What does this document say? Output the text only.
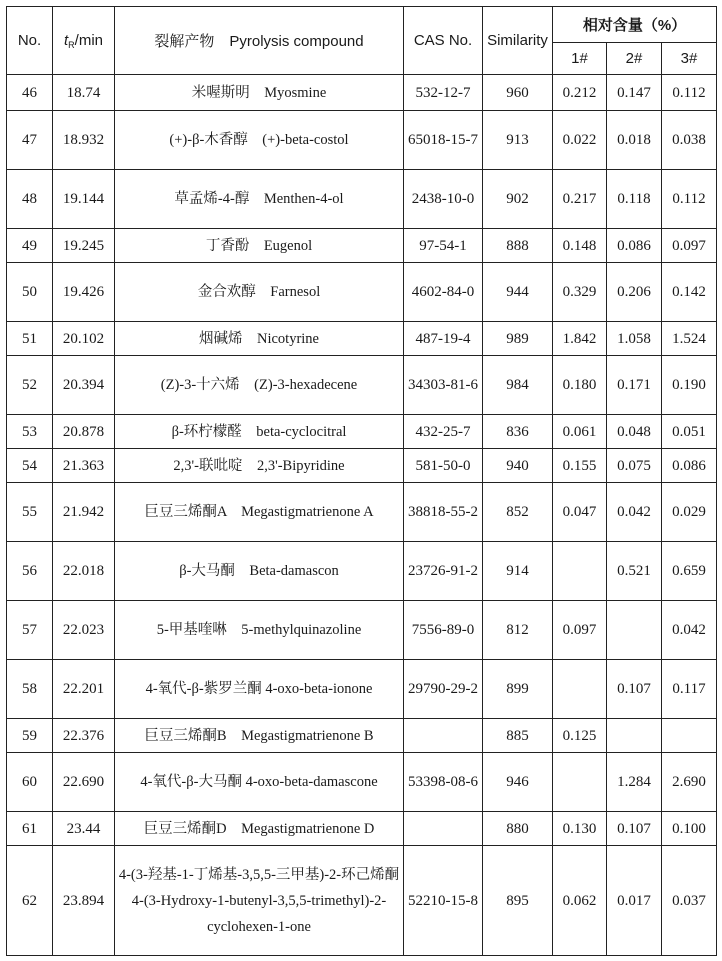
No.	$t_R/\min$	裂解产物　Pyrolysis compound	CAS No.	Similarity	相对含量（%）		
					1#	2#	3#
46	18.74	米喔斯明　Myosmine	532-12-7	960	0.212	0.147	0.112
47	18.932	(+)-β-木香醇　(+)-beta-costol	65018-15-7	913	0.022	0.018	0.038
48	19.144	草孟烯-4-醇　Menthen-4-ol	2438-10-0	902	0.217	0.118	0.112
49	19.245	丁香酚　Eugenol	97-54-1	888	0.148	0.086	0.097
50	19.426	金合欢醇　Farnesol	4602-84-0	944	0.329	0.206	0.142
51	20.102	烟碱烯　Nicotyrine	487-19-4	989	1.842	1.058	1.524
52	20.394	(Z)-3-十六烯　(Z)-3-hexadecene	34303-81-6	984	0.180	0.171	0.190
53	20.878	β-环柠檬醛　beta-cyclocitral	432-25-7	836	0.061	0.048	0.051
54	21.363	2,3'-联吡啶　2,3'-Bipyridine	581-50-0	940	0.155	0.075	0.086
55	21.942	巨豆三烯酮A　Megastigmatrienone A	38818-55-2	852	0.047	0.042	0.029
56	22.018	β-大马酮　Beta-damascon	23726-91-2	914		0.521	0.659
57	22.023	5-甲基喹啉　5-methylquinazoline	7556-89-0	812	0.097		0.042
58	22.201	4-氧代-β-紫罗兰酮 4-oxo-beta-ionone	29790-29-2	899		0.107	0.117
59	22.376	巨豆三烯酮B　Megastigmatrienone B		885	0.125		
60	22.690	4-氧代-β-大马酮 4-oxo-beta-damascone	53398-08-6	946		1.284	2.690
61	23.44	巨豆三烯酮D　Megastigmatrienone D		880	0.130	0.107	0.100
62	23.894	4-(3-羟基-1-丁烯基-3,5,5-三甲基)-2-环己烯酮　4-(3-Hydroxy-1-butenyl-3,5,5-trimethyl)-2-cyclohexen-1-one	52210-15-8	895	0.062	0.017	0.037
